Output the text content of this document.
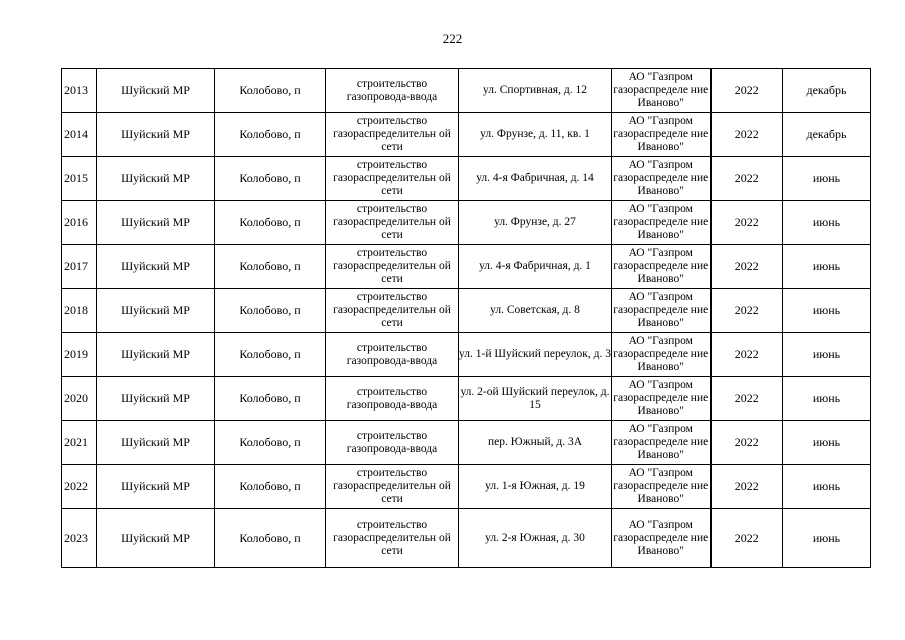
222
2013	Шуйский МР	Колобово, п	строительство газопровода-ввода	ул. Спортивная, д. 12	АО "Газпром газораспределе ние Иваново"	2022	декабрь
2014	Шуйский МР	Колобово, п	строительство газораспределительн ой сети	ул. Фрунзе, д. 11, кв. 1	АО "Газпром газораспределе ние Иваново"	2022	декабрь
2015	Шуйский МР	Колобово, п	строительство газораспределительн ой сети	ул. 4-я Фабричная, д. 14	АО "Газпром газораспределе ние Иваново"	2022	июнь
2016	Шуйский МР	Колобово, п	строительство газораспределительн ой сети	ул. Фрунзе, д. 27	АО "Газпром газораспределе ние Иваново"	2022	июнь
2017	Шуйский МР	Колобово, п	строительство газораспределительн ой сети	ул. 4-я Фабричная, д. 1	АО "Газпром газораспределе ние Иваново"	2022	июнь
2018	Шуйский МР	Колобово, п	строительство газораспределительн ой сети	ул. Советская, д. 8	АО "Газпром газораспределе ние Иваново"	2022	июнь
2019	Шуйский МР	Колобово, п	строительство газопровода-ввода	ул. 1-й Шуйский переулок, д. 3	АО "Газпром газораспределе ние Иваново"	2022	июнь
2020	Шуйский МР	Колобово, п	строительство газопровода-ввода	ул. 2-ой Шуйский переулок, д. 15	АО "Газпром газораспределе ние Иваново"	2022	июнь
2021	Шуйский МР	Колобово, п	строительство газопровода-ввода	пер. Южный, д. 3А	АО "Газпром газораспределе ние Иваново"	2022	июнь
2022	Шуйский МР	Колобово, п	строительство газораспределительн ой сети	ул. 1-я Южная, д. 19	АО "Газпром газораспределе ние Иваново"	2022	июнь
2023	Шуйский МР	Колобово, п	строительство газораспределительн ой сети	ул. 2-я Южная, д. 30	АО "Газпром газораспределе ние Иваново"	2022	июнь
